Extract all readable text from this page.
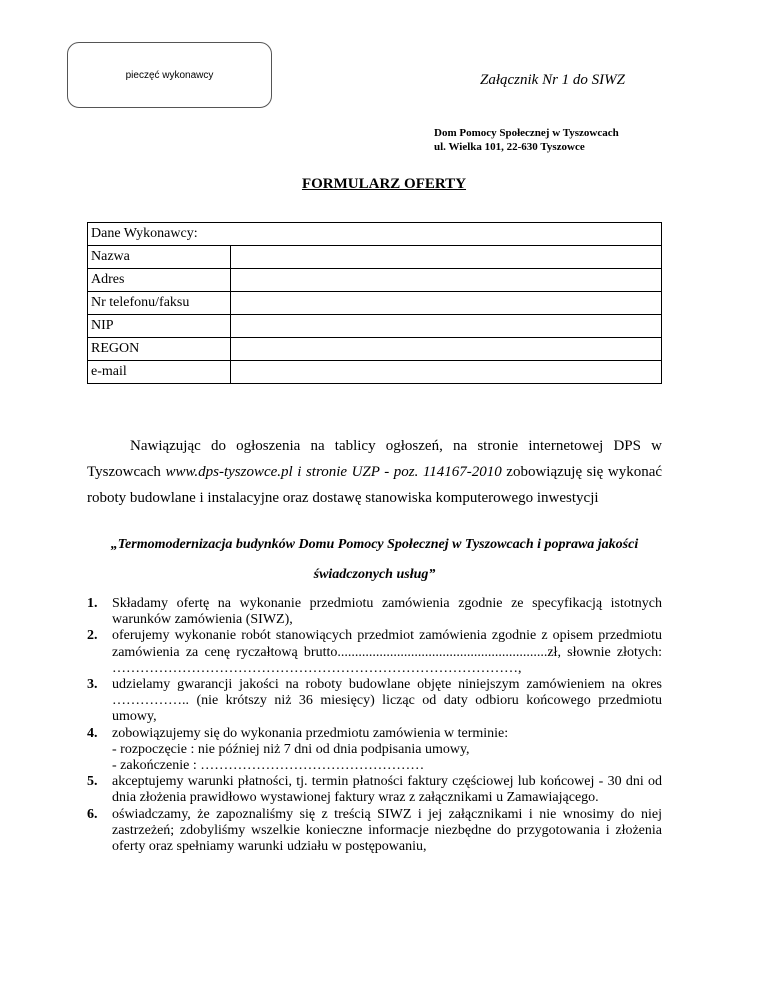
pieczęć wykonawcy	Załącznik Nr 1 do SIWZ
Dom Pomocy Społecznej w Tyszowcach
ul. Wielka 101, 22-630 Tyszowce
FORMULARZ OFERTY
Dane Wykonawcy:	
Nazwa	
Adres	
Nr telefonu/faksu	
NIP	
REGON	
e-mail	
Nawiązując do ogłoszenia na tablicy ogłoszeń, na stronie internetowej DPS w Tyszowcach www.dps-tyszowce.pl i stronie UZP - poz. 114167-2010 zobowiązuję się wykonać roboty budowlane i instalacyjne oraz dostawę stanowiska komputerowego inwestycji
„Termomodernizacja budynków Domu Pomocy Społecznej w Tyszowcach i poprawa jakości świadczonych usług”
1. Składamy ofertę na wykonanie przedmiotu zamówienia zgodnie ze specyfikacją istotnych warunków zamówienia (SIWZ),
2. oferujemy wykonanie robót stanowiących przedmiot zamówienia zgodnie z opisem przedmiotu zamówienia za cenę ryczałtową brutto............................................................zł, słownie złotych: ……………………………………………………………………………,
3. udzielamy gwarancji jakości na roboty budowlane objęte niniejszym zamówieniem na okres …………….. (nie krótszy niż 36 miesięcy) licząc od daty odbioru końcowego przedmiotu umowy,
4. zobowiązujemy się do wykonania przedmiotu zamówienia w terminie:
- rozpoczęcie : nie później niż 7 dni od dnia podpisania umowy,
- zakończenie : …………………………………………
5. akceptujemy warunki płatności, tj. termin płatności faktury częściowej lub końcowej - 30 dni od dnia złożenia prawidłowo wystawionej faktury wraz z załącznikami u Zamawiającego.
6. oświadczamy, że zapoznaliśmy się z treścią SIWZ i jej załącznikami i nie wnosimy do niej zastrzeżeń; zdobyliśmy wszelkie konieczne informacje niezbędne do przygotowania i złożenia oferty oraz spełniamy warunki udziału w postępowaniu,
